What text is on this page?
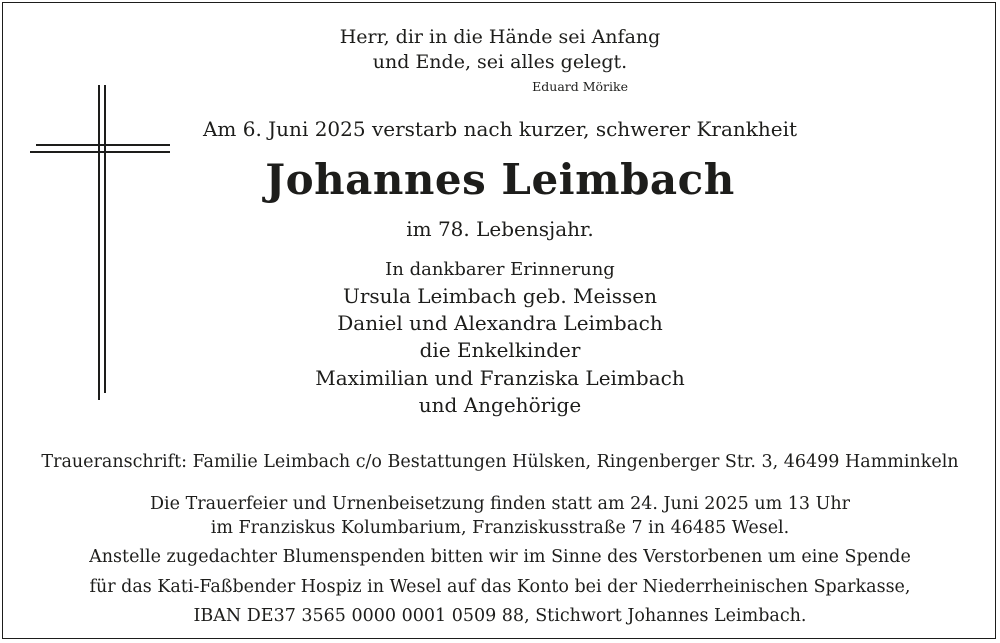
Herr, dir in die Hände sei Anfang
und Ende, sei alles gelegt.
Eduard Mörike
Am 6. Juni 2025 verstarb nach kurzer, schwerer Krankheit
Johannes Leimbach
im 78. Lebensjahr.
In dankbarer Erinnerung
Ursula Leimbach geb. Meissen
Daniel und Alexandra Leimbach
die Enkelkinder
Maximilian und Franziska Leimbach
und Angehörige
Traueranschrift: Familie Leimbach c/o Bestattungen Hülsken, Ringenberger Str. 3, 46499 Hamminkeln
Die Trauerfeier und Urnenbeisetzung finden statt am 24. Juni 2025 um 13 Uhr
im Franziskus Kolumbarium, Franziskusstraße 7 in 46485 Wesel.
Anstelle zugedachter Blumenspenden bitten wir im Sinne des Verstorbenen um eine Spende
für das Kati-Faßbender Hospiz in Wesel auf das Konto bei der Niederrheinischen Sparkasse,
IBAN DE37 3565 0000 0001 0509 88, Stichwort Johannes Leimbach.
